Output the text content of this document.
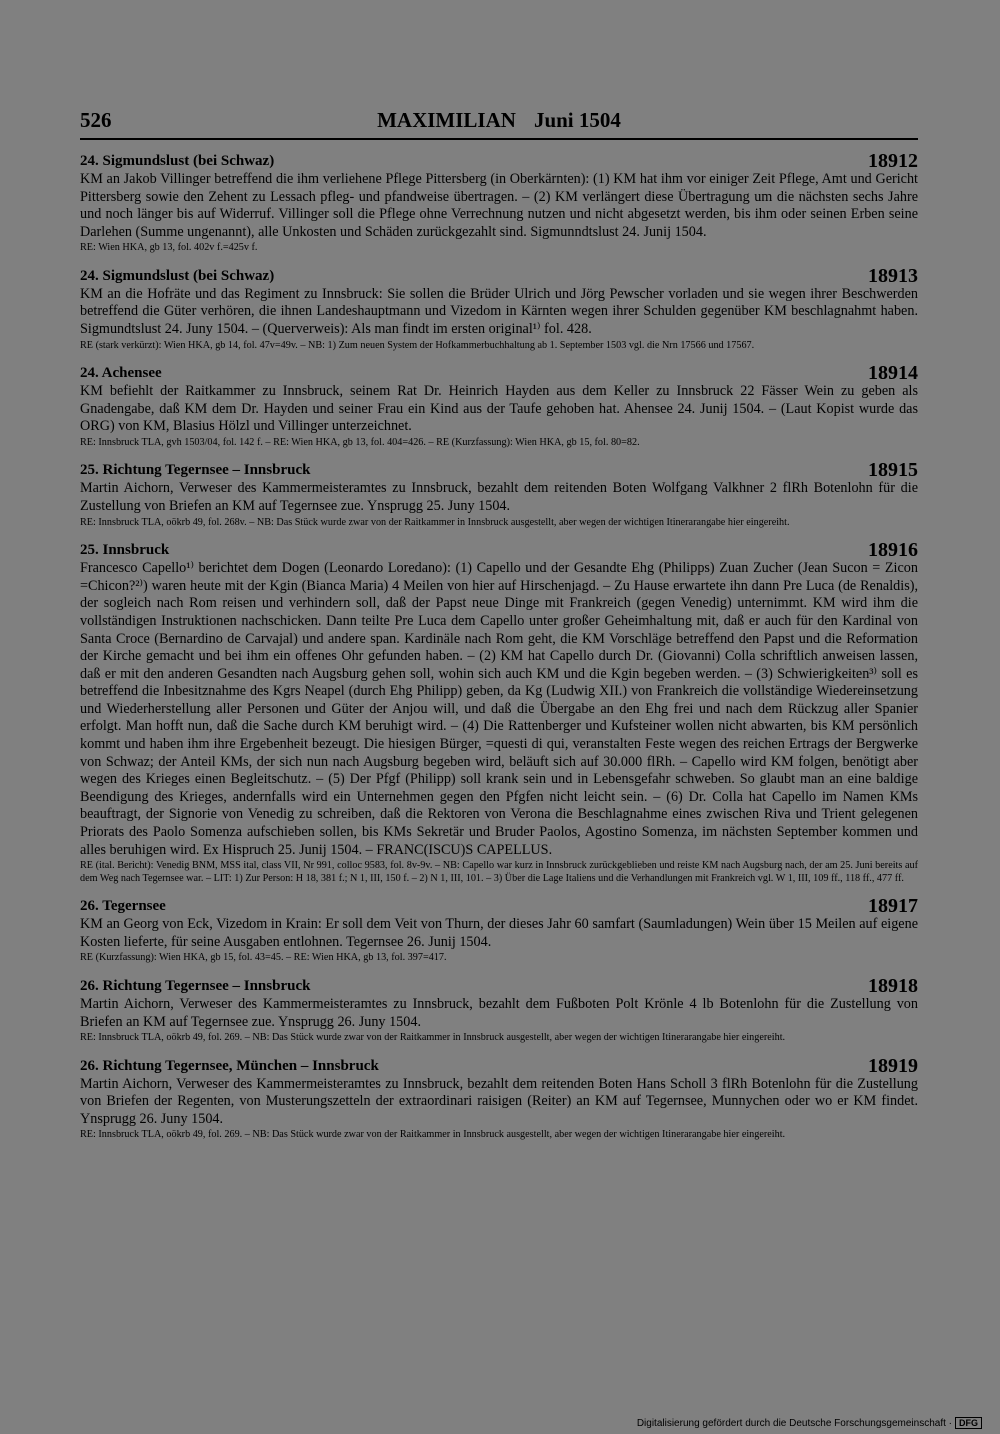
526	MAXIMILIAN Juni 1504
24. Sigmundslust (bei Schwaz)	18912
KM an Jakob Villinger betreffend die ihm verliehene Pflege Pittersberg (in Oberkärnten): (1) KM hat ihm vor einiger Zeit Pflege, Amt und Gericht Pittersberg sowie den Zehent zu Lessach pfleg- und pfandweise übertragen. – (2) KM verlängert diese Übertragung um die nächsten sechs Jahre und noch länger bis auf Widerruf. Villinger soll die Pflege ohne Verrechnung nutzen und nicht abgesetzt werden, bis ihm oder seinen Erben seine Darlehen (Summe ungenannt), alle Unkosten und Schäden zurückgezahlt sind. Sigmunndtslust 24. Junij 1504.
RE: Wien HKA, gb 13, fol. 402v f.=425v f.
24. Sigmundslust (bei Schwaz)	18913
KM an die Hofräte und das Regiment zu Innsbruck: Sie sollen die Brüder Ulrich und Jörg Pewscher vorladen und sie wegen ihrer Beschwerden betreffend die Güter verhören, die ihnen Landeshauptmann und Vizedom in Kärnten wegen ihrer Schulden gegenüber KM beschlagnahmt haben. Sigmundtslust 24. Juny 1504. – (Querverweis): Als man findt im ersten original¹⁾ fol. 428.
RE (stark verkürzt): Wien HKA, gb 14, fol. 47v=49v. – NB: 1) Zum neuen System der Hofkammerbuchhaltung ab 1. September 1503 vgl. die Nrn 17566 und 17567.
24. Achensee	18914
KM befiehlt der Raitkammer zu Innsbruck, seinem Rat Dr. Heinrich Hayden aus dem Keller zu Innsbruck 22 Fässer Wein zu geben als Gnadengabe, daß KM dem Dr. Hayden und seiner Frau ein Kind aus der Taufe gehoben hat. Ahensee 24. Junij 1504. – (Laut Kopist wurde das ORG) von KM, Blasius Hölzl und Villinger unterzeichnet.
RE: Innsbruck TLA, gvh 1503/04, fol. 142 f. – RE: Wien HKA, gb 13, fol. 404=426. – RE (Kurzfassung): Wien HKA, gb 15, fol. 80=82.
25. Richtung Tegernsee – Innsbruck	18915
Martin Aichorn, Verweser des Kammermeisteramtes zu Innsbruck, bezahlt dem reitenden Boten Wolfgang Valkhner 2 flRh Botenlohn für die Zustellung von Briefen an KM auf Tegernsee zue. Ynsprugg 25. Juny 1504.
RE: Innsbruck TLA, oökrb 49, fol. 268v. – NB: Das Stück wurde zwar von der Raitkammer in Innsbruck ausgestellt, aber wegen der wichtigen Itinerarangabe hier eingereiht.
25. Innsbruck	18916
Francesco Capello¹⁾ berichtet dem Dogen (Leonardo Loredano): (1) Capello und der Gesandte Ehg (Philipps) Zuan Zucher (Jean Sucon = Zicon =Chicon?²⁾) waren heute mit der Kgin (Bianca Maria) 4 Meilen von hier auf Hirschenjagd. – Zu Hause erwartete ihn dann Pre Luca (de Renaldis), der sogleich nach Rom reisen und verhindern soll, daß der Papst neue Dinge mit Frankreich (gegen Venedig) unternimmt. KM wird ihm die vollständigen Instruktionen nachschicken. Dann teilte Pre Luca dem Capello unter großer Geheimhaltung mit, daß er auch für den Kardinal von Santa Croce (Bernardino de Carvajal) und andere span. Kardinäle nach Rom geht, die KM Vorschläge betreffend den Papst und die Reformation der Kirche gemacht und bei ihm ein offenes Ohr gefunden haben. – (2) KM hat Capello durch Dr. (Giovanni) Colla schriftlich anweisen lassen, daß er mit den anderen Gesandten nach Augsburg gehen soll, wohin sich auch KM und die Kgin begeben werden. – (3) Schwierigkeiten³⁾ soll es betreffend die Inbesitznahme des Kgrs Neapel (durch Ehg Philipp) geben, da Kg (Ludwig XII.) von Frankreich die vollständige Wiedereinsetzung und Wiederherstellung aller Personen und Güter der Anjou will, und daß die Übergabe an den Ehg frei und nach dem Rückzug aller Spanier erfolgt. Man hofft nun, daß die Sache durch KM beruhigt wird. – (4) Die Rattenberger und Kufsteiner wollen nicht abwarten, bis KM persönlich kommt und haben ihm ihre Ergebenheit bezeugt. Die hiesigen Bürger, =questi di qui, veranstalten Feste wegen des reichen Ertrags der Bergwerke von Schwaz; der Anteil KMs, der sich nun nach Augsburg begeben wird, beläuft sich auf 30.000 flRh. – Capello wird KM folgen, benötigt aber wegen des Krieges einen Begleitschutz. – (5) Der Pfgf (Philipp) soll krank sein und in Lebensgefahr schweben. So glaubt man an eine baldige Beendigung des Krieges, andernfalls wird ein Unternehmen gegen den Pfgfen nicht leicht sein. – (6) Dr. Colla hat Capello im Namen KMs beauftragt, der Signorie von Venedig zu schreiben, daß die Rektoren von Verona die Beschlagnahme eines zwischen Riva und Trient gelegenen Priorats des Paolo Somenza aufschieben sollen, bis KMs Sekretär und Bruder Paolos, Agostino Somenza, im nächsten September kommen und alles beruhigen wird. Ex Hispruch 25. Junij 1504. – FRANC(ISCU)S CAPELLUS.
RE (ital. Bericht): Venedig BNM, MSS ital, class VII, Nr 991, colloc 9583, fol. 8v-9v. – NB: Capello war kurz in Innsbruck zurückgeblieben und reiste KM nach Augsburg nach, der am 25. Juni bereits auf dem Weg nach Tegernsee war. – LIT: 1) Zur Person: H 18, 381 f.; N 1, III, 150 f. – 2) N 1, III, 101. – 3) Über die Lage Italiens und die Verhandlungen mit Frankreich vgl. W 1, III, 109 ff., 118 ff., 477 ff.
26. Tegernsee	18917
KM an Georg von Eck, Vizedom in Krain: Er soll dem Veit von Thurn, der dieses Jahr 60 samfart (Saumladungen) Wein über 15 Meilen auf eigene Kosten lieferte, für seine Ausgaben entlohnen. Tegernsee 26. Junij 1504.
RE (Kurzfassung): Wien HKA, gb 15, fol. 43=45. – RE: Wien HKA, gb 13, fol. 397=417.
26. Richtung Tegernsee – Innsbruck	18918
Martin Aichorn, Verweser des Kammermeisteramtes zu Innsbruck, bezahlt dem Fußboten Polt Krönle 4 lb Botenlohn für die Zustellung von Briefen an KM auf Tegernsee zue. Ynsprugg 26. Juny 1504.
RE: Innsbruck TLA, oökrb 49, fol. 269. – NB: Das Stück wurde zwar von der Raitkammer in Innsbruck ausgestellt, aber wegen der wichtigen Itinerarangabe hier eingereiht.
26. Richtung Tegernsee, München – Innsbruck	18919
Martin Aichorn, Verweser des Kammermeisteramtes zu Innsbruck, bezahlt dem reitenden Boten Hans Scholl 3 flRh Botenlohn für die Zustellung von Briefen der Regenten, von Musterungszetteln der extraordinari raisigen (Reiter) an KM auf Tegernsee, Munnychen oder wo er KM findet. Ynsprugg 26. Juny 1504.
RE: Innsbruck TLA, oökrb 49, fol. 269. – NB: Das Stück wurde zwar von der Raitkammer in Innsbruck ausgestellt, aber wegen der wichtigen Itinerarangabe hier eingereiht.
Digitalisierung gefördert durch die Deutsche Forschungsgemeinschaft · DFG
